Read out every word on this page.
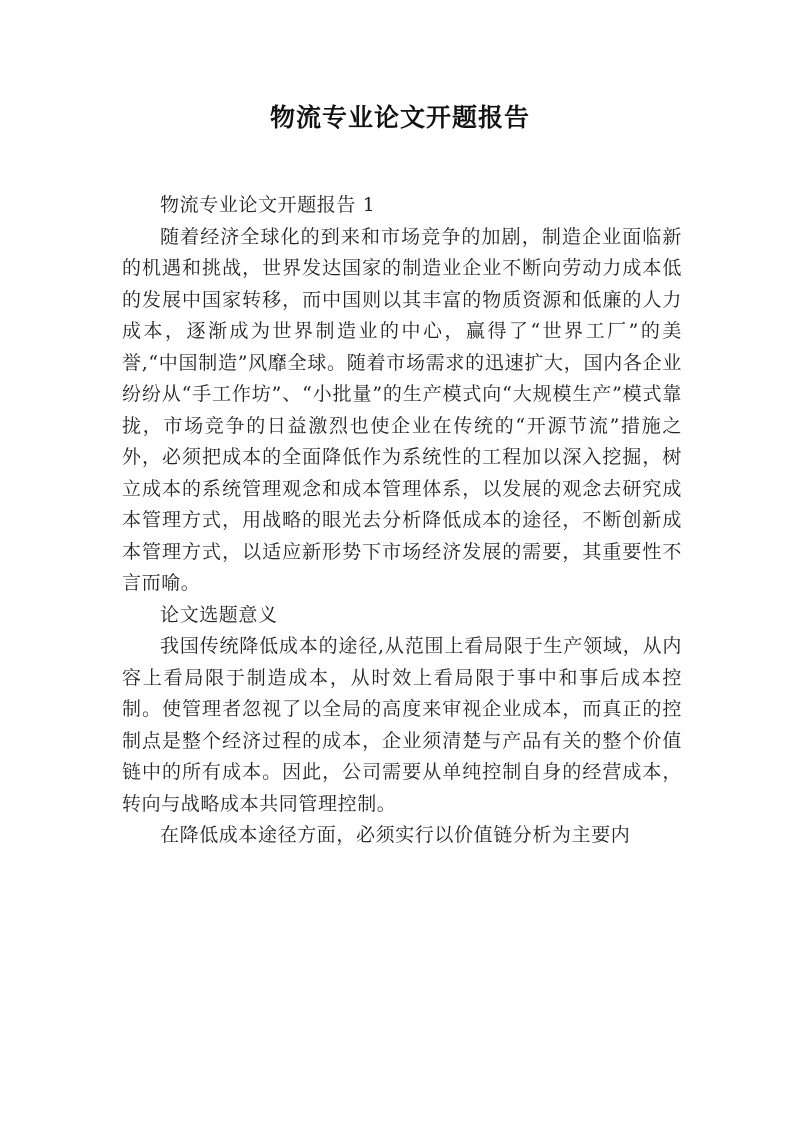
物流专业论文开题报告

物流专业论文开题报告 1

随着经济全球化的到来和市场竞争的加剧，制造企业面临新的机遇和挑战，世界发达国家的制造业企业不断向劳动力成本低的发展中国家转移，而中国则以其丰富的物质资源和低廉的人力成本，逐渐成为世界制造业的中心，赢得了“世界工厂”的美誉,“中国制造”风靡全球。随着市场需求的迅速扩大，国内各企业纷纷从“手工作坊”、“小批量”的生产模式向“大规模生产”模式靠拢，市场竞争的日益激烈也使企业在传统的“开源节流”措施之外，必须把成本的全面降低作为系统性的工程加以深入挖掘，树立成本的系统管理观念和成本管理体系，以发展的观念去研究成本管理方式，用战略的眼光去分析降低成本的途径，不断创新成本管理方式，以适应新形势下市场经济发展的需要，其重要性不言而喻。

论文选题意义

我国传统降低成本的途径,从范围上看局限于生产领域，从内容上看局限于制造成本，从时效上看局限于事中和事后成本控制。使管理者忽视了以全局的高度来审视企业成本，而真正的控制点是整个经济过程的成本，企业须清楚与产品有关的整个价值链中的所有成本。因此，公司需要从单纯控制自身的经营成本，转向与战略成本共同管理控制。

在降低成本途径方面，必须实行以价值链分析为主要内
